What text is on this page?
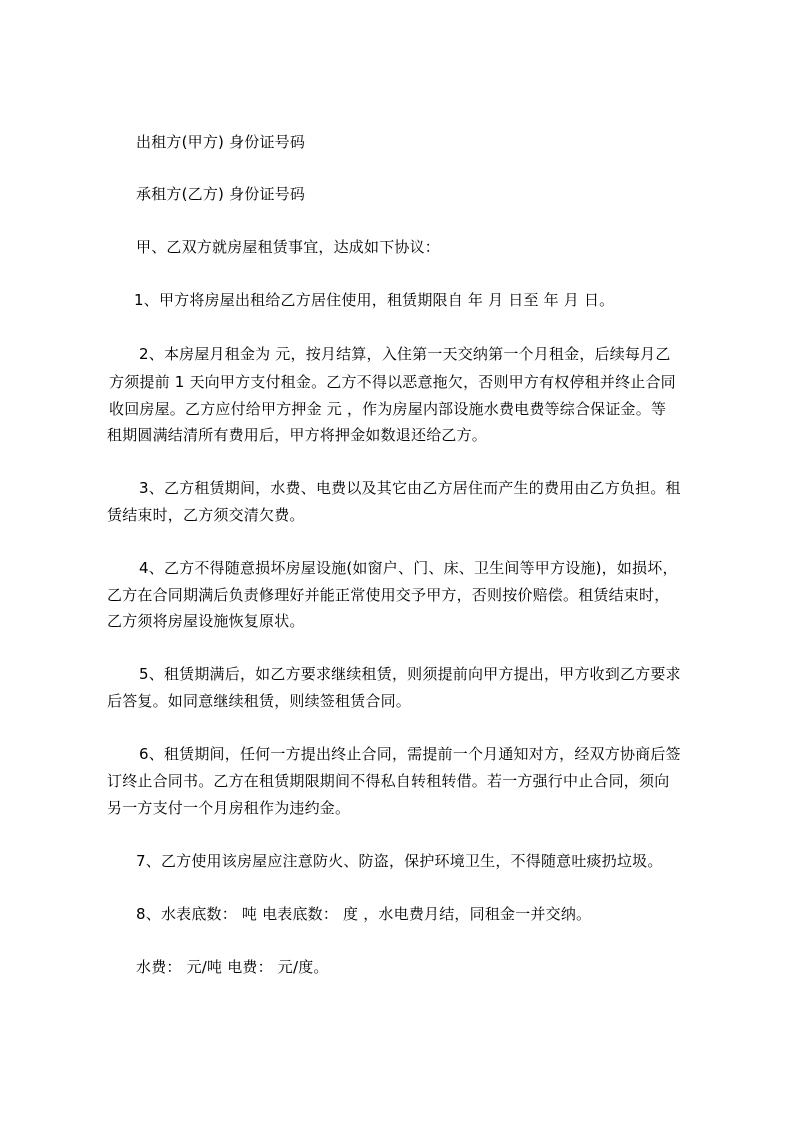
出租方(甲方) 身份证号码
承租方(乙方) 身份证号码
甲、乙双方就房屋租赁事宜，达成如下协议：
1、甲方将房屋出租给乙方居住使用，租赁期限自 年 月 日至 年 月 日。
2、本房屋月租金为 元，按月结算，入住第一天交纳第一个月租金，后续每月乙
方须提前 1 天向甲方支付租金。乙方不得以恶意拖欠，否则甲方有权停租并终止合同
收回房屋。乙方应付给甲方押金 元 ，作为房屋内部设施水费电费等综合保证金。等
租期圆满结清所有费用后，甲方将押金如数退还给乙方。
3、乙方租赁期间，水费、电费以及其它由乙方居住而产生的费用由乙方负担。租
赁结束时，乙方须交清欠费。
4、乙方不得随意损坏房屋设施(如窗户、门、床、卫生间等甲方设施)，如损坏，
乙方在合同期满后负责修理好并能正常使用交予甲方，否则按价赔偿。租赁结束时，
乙方须将房屋设施恢复原状。
5、租赁期满后，如乙方要求继续租赁，则须提前向甲方提出，甲方收到乙方要求
后答复。如同意继续租赁，则续签租赁合同。
6、租赁期间，任何一方提出终止合同，需提前一个月通知对方，经双方协商后签
订终止合同书。乙方在租赁期限期间不得私自转租转借。若一方强行中止合同，须向
另一方支付一个月房租作为违约金。
7、乙方使用该房屋应注意防火、防盗，保护环境卫生，不得随意吐痰扔垃圾。
8、水表底数： 吨 电表底数： 度 ，水电费月结，同租金一并交纳。
水费： 元/吨 电费： 元/度。
